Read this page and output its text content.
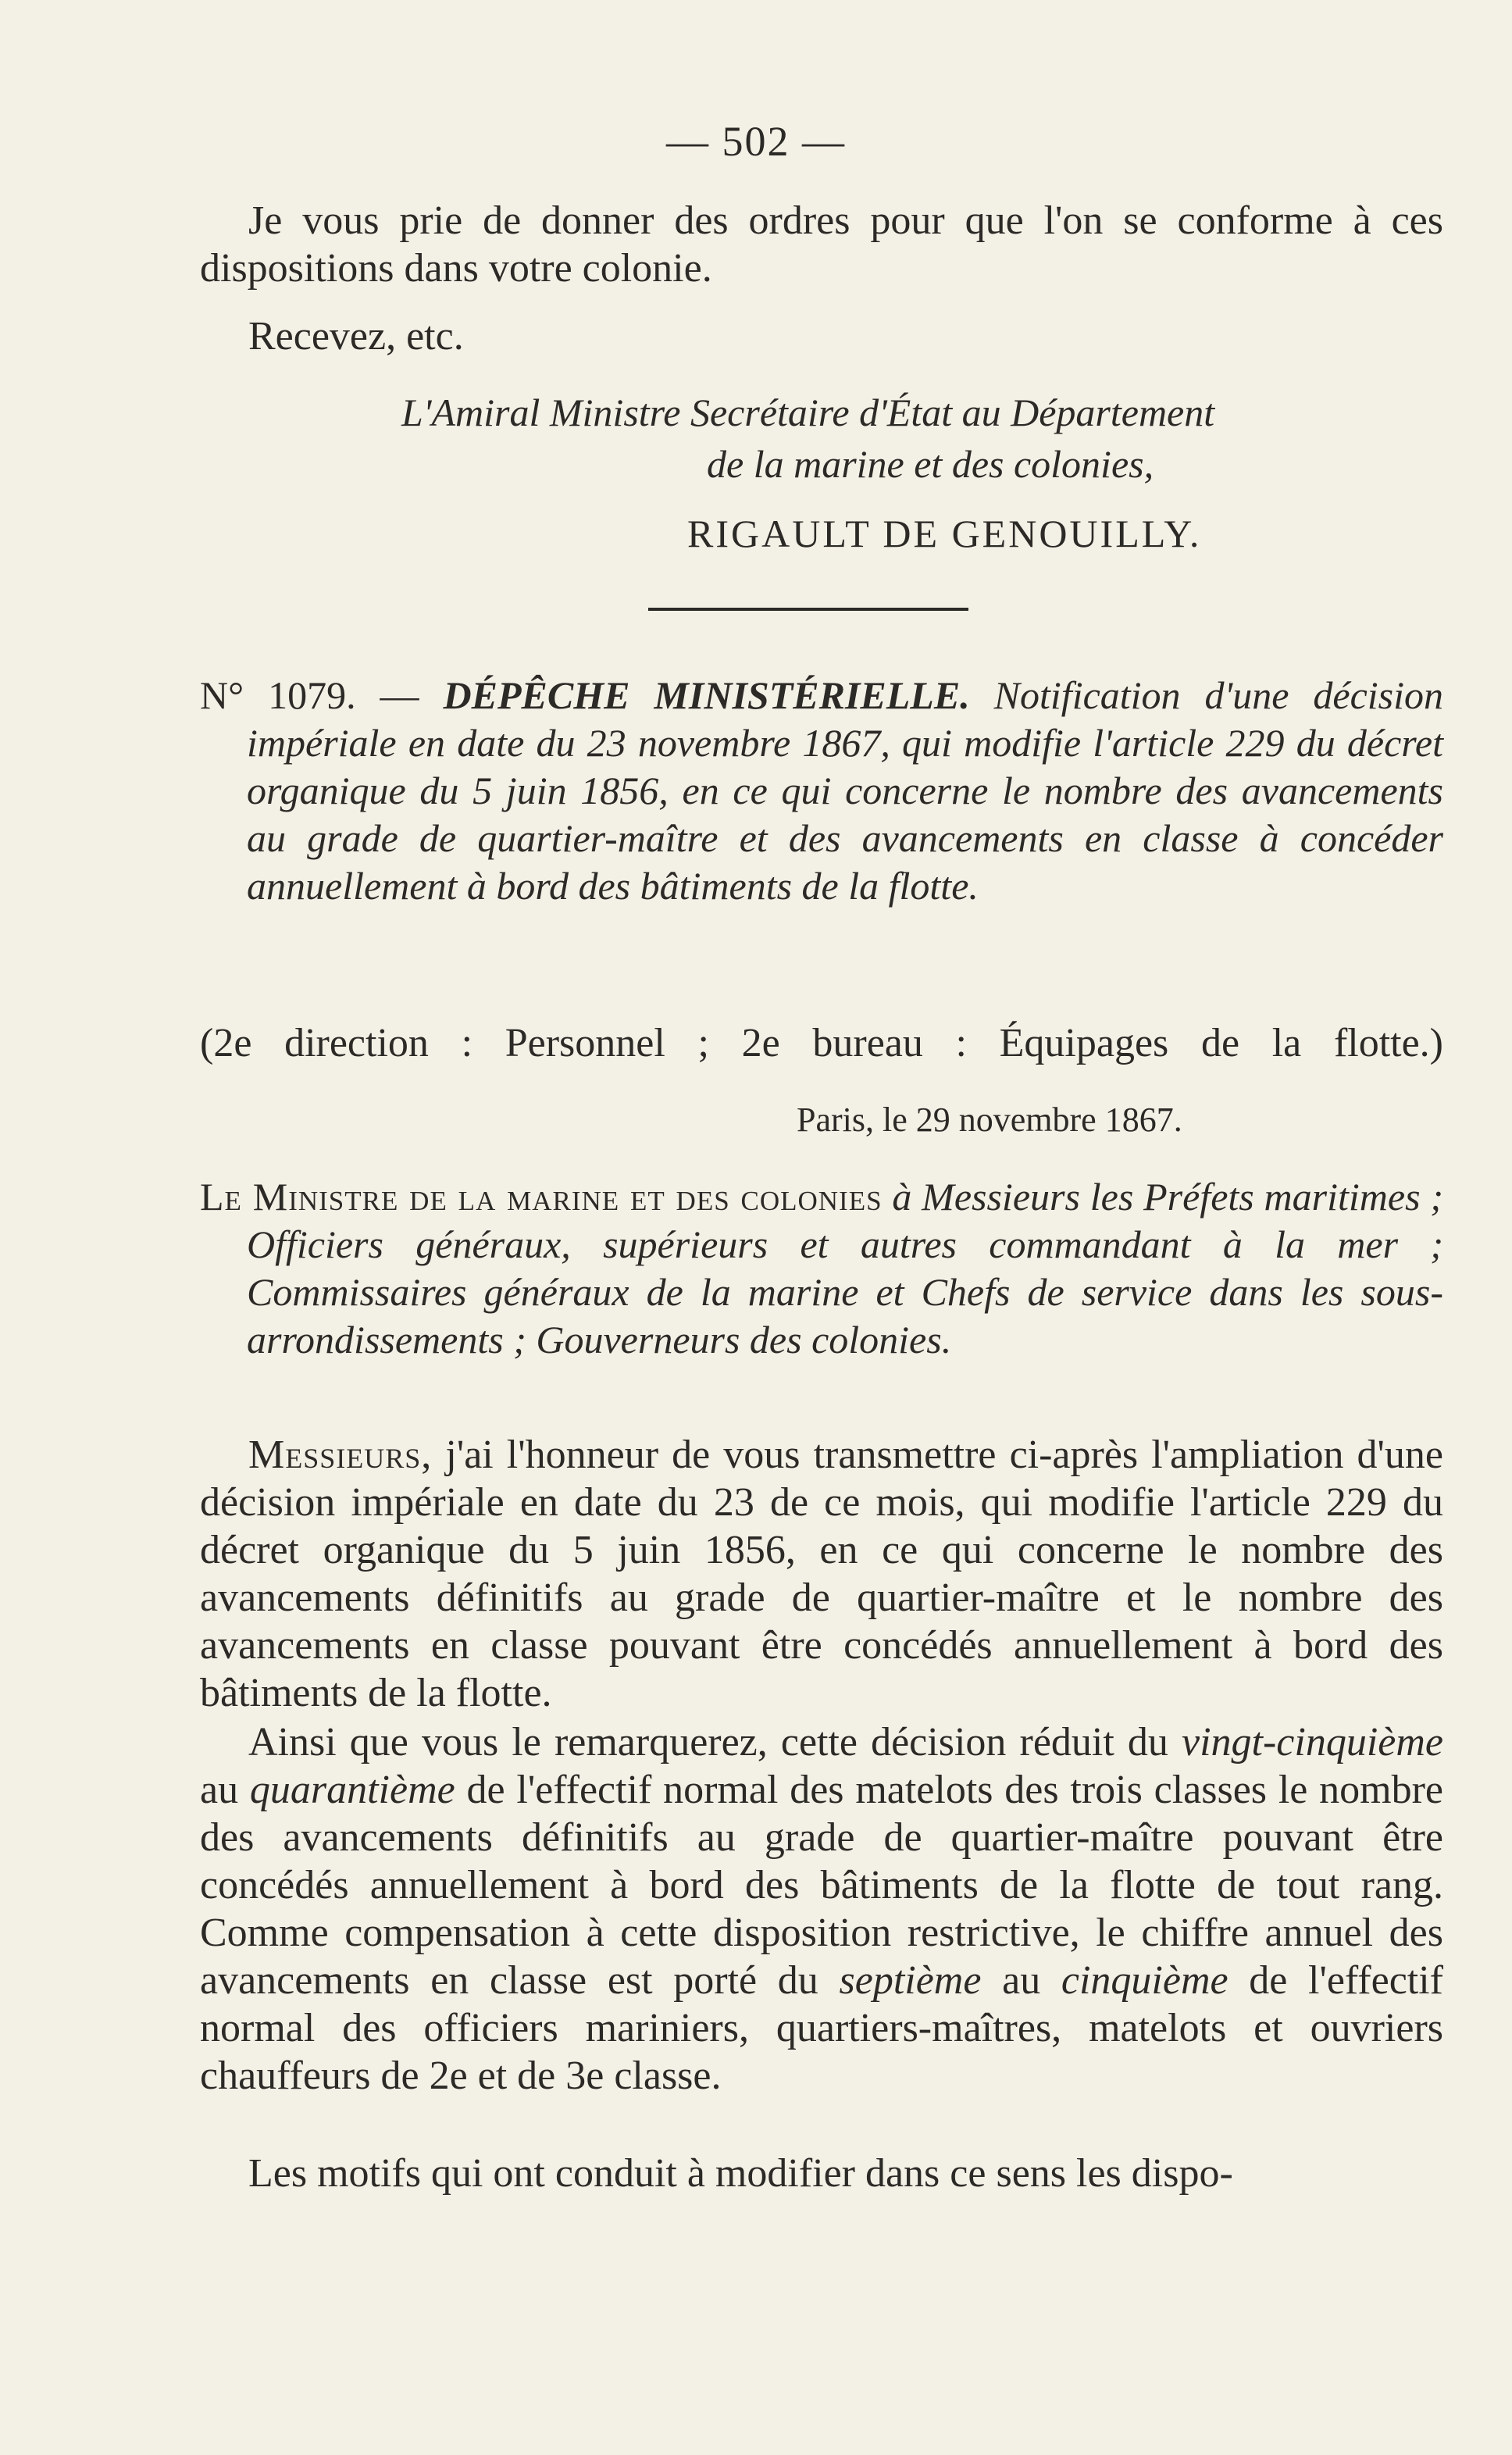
— 502 —
Je vous prie de donner des ordres pour que l'on se conforme à ces dispositions dans votre colonie.
Recevez, etc.
L'Amiral Ministre Secrétaire d'État au Département
de la marine et des colonies,
RIGAULT DE GENOUILLY.
N° 1079. — DÉPÊCHE MINISTÉRIELLE. Notification d'une décision impériale en date du 23 novembre 1867, qui modifie l'article 229 du décret organique du 5 juin 1856, en ce qui concerne le nombre des avancements au grade de quartier-maître et des avancements en classe à concéder annuellement à bord des bâtiments de la flotte.
(2e direction : Personnel ; 2e bureau : Équipages de la flotte.)
Paris, le 29 novembre 1867.
Le Ministre de la marine et des colonies à Messieurs les Préfets maritimes ; Officiers généraux, supérieurs et autres commandant à la mer ; Commissaires généraux de la marine et Chefs de service dans les sous-arrondissements ; Gouverneurs des colonies.
Messieurs, j'ai l'honneur de vous transmettre ci-après l'ampliation d'une décision impériale en date du 23 de ce mois, qui modifie l'article 229 du décret organique du 5 juin 1856, en ce qui concerne le nombre des avancements définitifs au grade de quartier-maître et le nombre des avancements en classe pouvant être concédés annuellement à bord des bâtiments de la flotte.
Ainsi que vous le remarquerez, cette décision réduit du vingt-cinquième au quarantième de l'effectif normal des matelots des trois classes le nombre des avancements définitifs au grade de quartier-maître pouvant être concédés annuellement à bord des bâtiments de la flotte de tout rang. Comme compensation à cette disposition restrictive, le chiffre annuel des avancements en classe est porté du septième au cinquième de l'effectif normal des officiers mariniers, quartiers-maîtres, matelots et ouvriers chauffeurs de 2e et de 3e classe.
Les motifs qui ont conduit à modifier dans ce sens les dispo-
